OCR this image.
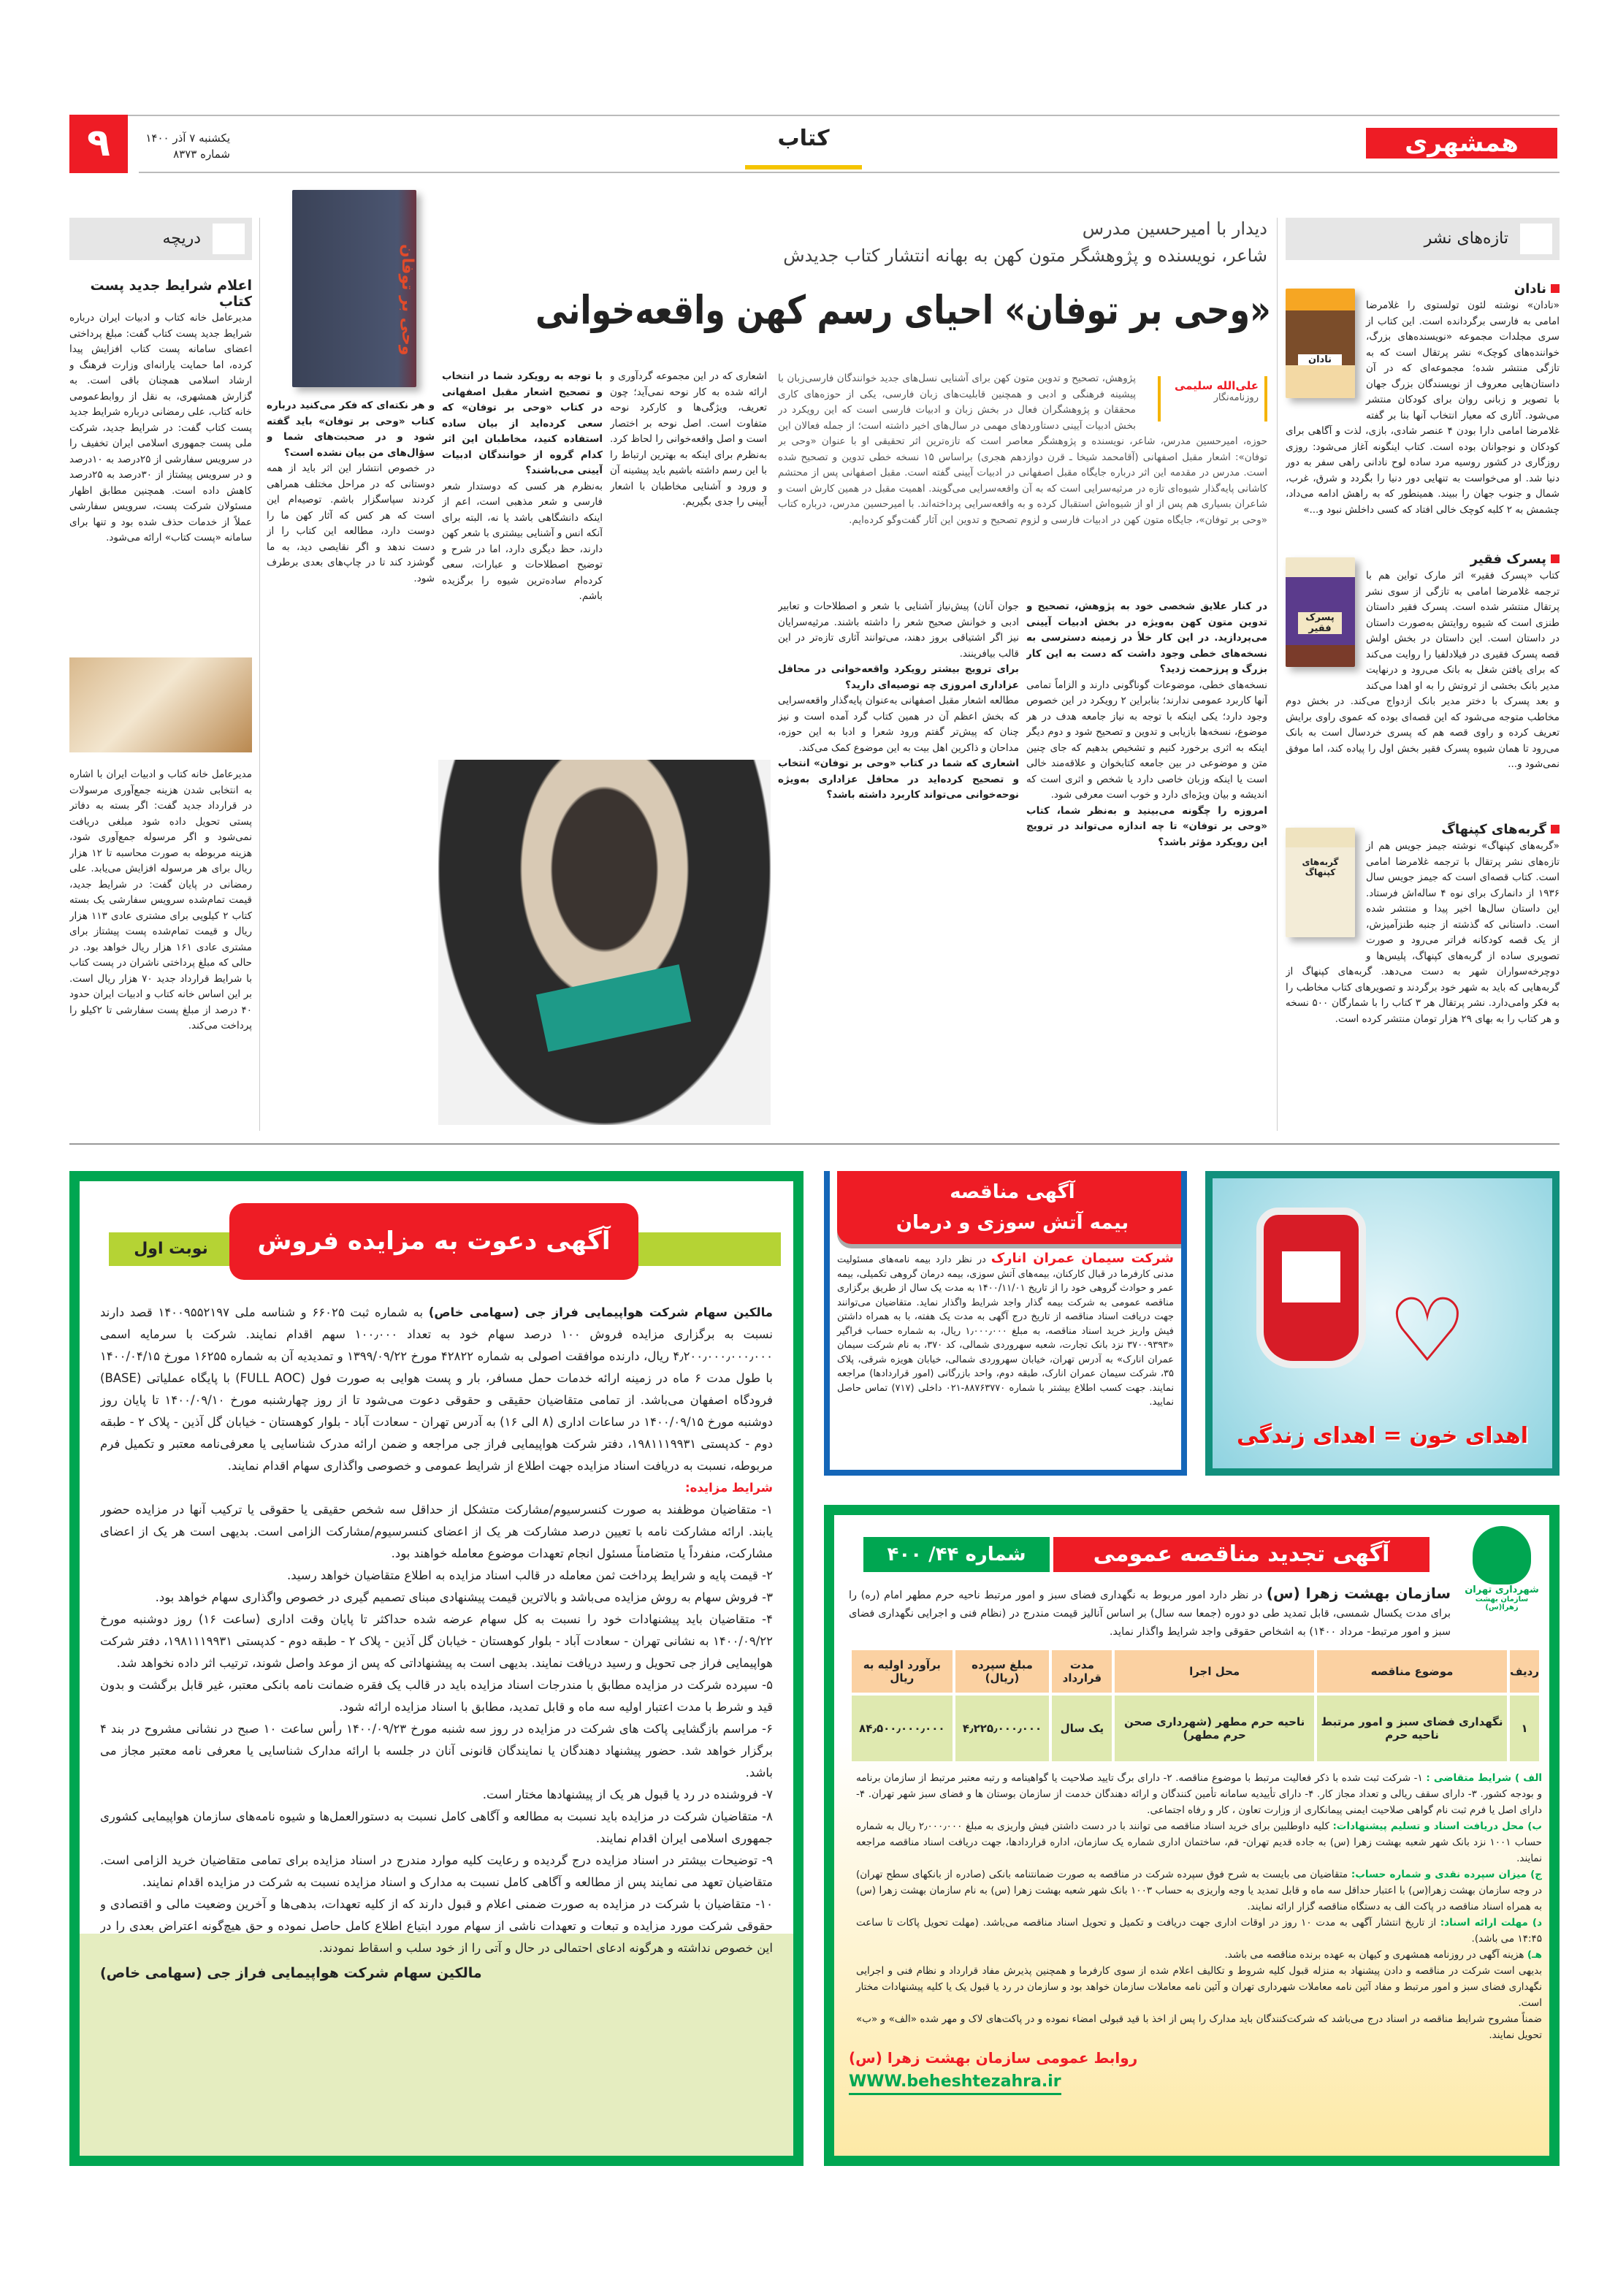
همشهری
کتاب
۹	یکشنبه ۷ آذر ۱۴۰۰
شماره ۸۳۷۳
تازه‌های نشر
نادان
نادان
«نادان» نوشته لئون تولستوی را غلامرضا امامی به فارسی برگردانده است. این کتاب از سری مجلدات مجموعه «نویسنده‌های بزرگ، خواننده‌های کوچک» نشر پرتقال است که به تازگی منتشر شده؛ مجموعه‌ای که در آن داستان‌هایی معروف از نویسندگان بزرگ جهان با تصویر و زبانی روان برای کودکان منتشر می‌شود. آثاری که معیار انتخاب آنها بنا بر گفته غلامرضا امامی دارا بودن ۴ عنصر شادی، بازی، لذت و آگاهی برای کودکان و نوجوانان بوده است. کتاب اینگونه آغاز می‌شود: روزی روزگاری در کشور روسیه مرد ساده لوح نادانی راهی سفر به دور دنیا شد. او می‌خواست به تنهایی دور دنیا را بگردد و شرق، غرب، شمال و جنوب جهان را ببیند. همینطور که به راهش ادامه می‌داد، چشمش به ۲ کلبه کوچک خالی افتاد که کسی داخلش نبود و...»
پسرک فقیر
پسرک فقیر
کتاب «پسرک فقیر» اثر مارک تواین هم با ترجمه غلامرضا امامی به تازگی از سوی نشر پرتقال منتشر شده است. پسرک فقیر داستان طنزی است که شیوه روایتش به‌صورت داستان در داستان است. این داستان در بخش اولش قصه پسرک فقیری در فیلادلفیا را روایت می‌کند که برای یافتن شغل به بانک می‌رود و درنهایت مدیر بانک بخشی از ثروتش را به او اهدا می‌کند و بعد پسرک با دختر مدیر بانک ازدواج می‌کند. در بخش دوم مخاطب متوجه می‌شود که این قصه‌ای بوده که عموی راوی برایش تعریف کرده و راوی قصه هم که پسری خردسال است به بانک می‌رود تا همان شیوه پسرک فقیر بخش اول را پیاده کند، اما موفق نمی‌شود و...
گربه‌های کپنهاگ
گربه‌های کپنهاگ
«گربه‌های کپنهاگ» نوشته جیمز جویس هم از تازه‌های نشر پرتقال با ترجمه غلامرضا امامی است. کتاب قصه‌ای است که جیمز جویس سال ۱۹۳۶ از دانمارک برای نوه ۴ ساله‌اش فرستاد. این داستان سال‌ها اخیر پیدا و منتشر شده است. داستانی که گذشته از جنبه طنزآمیزش، از یک قصه کودکانه فراتر می‌رود و صورت تصویری ساده از گربه‌های کپنهاگ، پلیس‌ها و دوچرخه‌سواران شهر به دست می‌دهد. گربه‌های کپنهاگ از گربه‌هایی که باید به شهر خود برگردند و تصویرهای کتاب مخاطب را به فکر وامی‌دارد. نشر پرتقال هر ۳ کتاب را با شمارگان ۵۰۰ نسخه و هر کتاب را به بهای ۲۹ هزار تومان منتشر کرده است.
دریچه
اعلام شرایط جدید پست کتاب
مدیرعامل خانه کتاب و ادبیات ایران درباره شرایط جدید پست کتاب گفت: مبلغ پرداختی اعضای سامانه پست کتاب افزایش پیدا کرده، اما حمایت یارانه‌ای وزارت فرهنگ و ارشاد اسلامی همچنان باقی است. به گزارش همشهری، به نقل از روابط‌عمومی خانه کتاب، علی رمضانی درباره شرایط جدید پست کتاب گفت: در شرایط جدید، شرکت ملی پست جمهوری اسلامی ایران تخفیف را در سرویس سفارشی از ۲۵درصد به ۱۰درصد و در سرویس پیشتاز از ۳۰درصد به ۲۵درصد کاهش داده است. همچنین مطابق اظهار مسئولان شرکت پست، سرویس سفارشی عملاً از خدمات حذف شده بود و تنها برای سامانه «پست کتاب» ارائه می‌شود.
مدیرعامل خانه کتاب و ادبیات ایران با اشاره به انتخابی شدن هزینه جمع‌آوری مرسولات در قرارداد جدید گفت: اگر بسته به دفاتر پستی تحویل داده شود مبلغی دریافت نمی‌شود و اگر مرسوله جمع‌آوری شود، هزینه مربوطه به صورت محاسبه تا ۱۲ هزار ریال برای هر مرسوله افزایش می‌یابد. علی رمضانی در پایان گفت: در شرایط جدید، قیمت تمام‌شده سرویس سفارشی یک بسته کتاب ۲ کیلویی برای مشتری عادی ۱۱۳ هزار ریال و قیمت تمام‌شده پست پیشتاز برای مشتری عادی ۱۶۱ هزار ریال خواهد بود. در حالی که مبلغ پرداختی ناشران در پست کتاب با شرایط قرارداد جدید ۷۰ هزار ریال است. بر این اساس خانه کتاب و ادبیات ایران حدود ۴۰ درصد از مبلغ پست سفارشی تا ۲کیلو را پرداخت می‌کند.
دیدار با امیرحسین مدرس
شاعر، نویسنده و پژوهشگر متون کهن به بهانه انتشار کتاب جدیدش
«وحی بر توفان» احیای رسم کهن واقعه‌خوانی
وحی بر توفان
علی‌الله سلیمی
روزنامه‌نگار
پژوهش، تصحیح و تدوین متون کهن برای آشنایی نسل‌های جدید خوانندگان فارسی‌زبان با پیشینه فرهنگی و ادبی و همچنین قابلیت‌های زبان فارسی، یکی از حوزه‌های کاری محققان و پژوهشگران فعال در بخش زبان و ادبیات فارسی است که این رویکرد در بخش ادبیات آیینی دستاوردهای مهمی در سال‌های اخیر داشته است؛ از جمله فعالان این حوزه، امیرحسین مدرس، شاعر، نویسنده و پژوهشگر معاصر است که تازه‌ترین اثر تحقیقی او با عنوان «وحی بر توفان»: اشعار مقبل اصفهانی (آقامحمد شیخا ـ قرن دوازدهم هجری) براساس ۱۵ نسخه خطی تدوین و تصحیح شده است. مدرس در مقدمه این اثر درباره جایگاه مقبل اصفهانی در ادبیات آیینی گفته است. مقبل اصفهانی پس از محتشم کاشانی پایه‌گذار شیوه‌ای تازه در مرثیه‌سرایی است که به آن واقعه‌سرایی می‌گویند. اهمیت مقبل در همین کارش است و شاعران بسیاری هم پس از او از شیوه‌اش استقبال کرده و به واقعه‌سرایی پرداخته‌اند. با امیرحسین مدرس، درباره کتاب «وحی بر توفان»، جایگاه متون کهن در ادبیات فارسی و لزوم تصحیح و تدوین این آثار گفت‌وگو کرده‌ایم.

در کنار علایق شخصی خود به پژوهش، تصحیح و تدوین متون کهن به‌ویژه در بخش ادبیات آیینی می‌پردازید. در این کار خلأ در زمینه دسترسی به نسخه‌های خطی وجود داشت که دست به این کار بزرگ و پرزحمت زدید؟

نسخه‌های خطی، موضوعات گوناگونی دارند و الزاماً تمامی آنها کاربرد عمومی ندارند؛ بنابراین ۲ رویکرد در این خصوص وجود دارد؛ یکی اینکه با توجه به نیاز جامعه هدف در هر موضوع، نسخه‌ها بازیابی و تدوین و تصحیح شود و دوم دیگر اینکه به اثری برخورد کنیم و تشخیص بدهیم که جای چنین متن و موضوعی در بین جامعه کتابخوان و علاقه‌مند خالی است یا اینکه وزبان خاصی دارد یا شخص و اثری است که اندیشه و بیان ویژه‌ای دارد و خوب است معرفی شود.

امروزه را چگونه می‌بینید و به‌نظر شما، کتاب «وحی بر توفان» تا چه اندازه می‌تواند در ترویج این رویکرد مؤثر باشد؟

جوان آنان) پیش‌نیاز آشنایی با شعر و اصطلاحات و تعابیر ادبی و خوانش صحیح شعر را داشته باشند. مرثیه‌سرایان نیز اگر اشتیاقی بروز دهند، می‌توانند آثاری تازه‌تر در این قالب بیافرینند.

برای ترویج بیشتر رویکرد واقعه‌خوانی در محافل عزاداری امروزی چه توصیه‌ای دارید؟

مطالعه اشعار مقبل اصفهانی به‌عنوان پایه‌گذار واقعه‌سرایی که بخش اعظم آن در همین کتاب گرد آمده است و نیز چنان که پیش‌تر گفتم ورود شعرا و ادبا به این حوزه، مداحان و ذاکرین اهل بیت به این موضوع کمک می‌کند.

اشعاری که شما در کتاب «وحی بر توفان» انتخاب و تصحیح کرده‌اید در محافل عزاداری به‌ویژه نوحه‌خوانی می‌تواند کاربرد داشته باشد؟

اشعاری که در این مجموعه گردآوری و ارائه شده به کار نوحه نمی‌آید؛ چون تعریف، ویژگی‌ها و کارکرد نوحه متفاوت است. اصل نوحه بر اختصار است و اصل واقعه‌خوانی را لحاظ کرد. به‌نظرم برای اینکه به بهترین ارتباط را با این رسم داشته باشیم باید پیشینه آن و ورود و آشنایی مخاطبان با اشعار آیینی را جدی بگیریم.

با توجه به رویکرد شما در انتخاب و تصحیح اشعار مقبل اصفهانی در کتاب «وحی بر توفان» که سعی کرده‌اید از بیان ساده استفاده کنید، مخاطبان این اثر کدام گروه از خوانندگان ادبیات آیینی می‌باشند؟

به‌نظرم هر کسی که دوستدار شعر فارسی و شعر مذهبی است، اعم از اینکه دانشگاهی باشد یا نه، البته برای آنکه انس و آشنایی بیشتری با شعر کهن دارند، حظ دیگری دارد، اما در شرح و توضیح اصطلاحات و عبارات، سعی کرده‌ام ساده‌ترین شیوه را برگزیده باشم.

و هر نکته‌ای که فکر می‌کنید درباره کتاب «وحی بر توفان» باید گفته شود و در صحبت‌های شما و سؤال‌های من بیان نشده است؟

در خصوص انتشار این اثر باید از همه دوستانی که در مراحل مختلف همراهی کردند سپاسگزار باشم. توصیه‌ام این است که هر کس که آثار کهن ما را دوست دارد، مطالعه این کتاب را از دست ندهد و اگر نقایصی دید، به ما گوشزد کند تا در چاپ‌های بعدی برطرف شود.

نوبت اول	آگهی دعوت به مزایده فروش سهام

مالکین سهام شرکت هواپیمایی فراز جی (سهامی خاص) به شماره ثبت ۶۶۰۲۵ و شناسه ملی ۱۴۰۰۹۵۵۲۱۹۷ قصد دارند نسبت به برگزاری مزایده فروش ۱۰۰ درصد سهام خود به تعداد ۱۰۰٫۰۰۰ سهم اقدام نمایند. شرکت با سرمایه اسمی ۴٫۲۰۰٫۰۰۰٫۰۰۰٫۰۰۰ ریال، دارنده موافقت اصولی به شماره ۴۲۸۲۲ مورخ ۱۳۹۹/۰۹/۲۲ و تمدیدیه آن به شماره ۱۶۲۵۵ مورخ ۱۴۰۰/۰۴/۱۵ با طول مدت ۶ ماه در زمینه ارائه خدمات حمل مسافر، بار و پست هوایی به صورت فول (FULL AOC) با پایگاه عملیاتی (BASE) فرودگاه اصفهان می‌باشد. از تمامی متقاضیان حقیقی و حقوقی دعوت می‌شود تا از روز چهارشنبه مورخ ۱۴۰۰/۰۹/۱۰ تا پایان روز دوشنبه مورخ ۱۴۰۰/۰۹/۱۵ در ساعات اداری (۸ الی ۱۶) به آدرس تهران - سعادت آباد - بلوار کوهستان - خیابان گل آذین - پلاک ۲ - طبقه دوم - کدپستی ۱۹۸۱۱۱۹۹۳۱، دفتر شرکت هواپیمایی فراز جی مراجعه و ضمن ارائه مدرک شناسایی یا معرفی‌نامه معتبر و تکمیل فرم مربوطه، نسبت به دریافت اسناد مزایده جهت اطلاع از شرایط عمومی و خصوصی واگذاری سهام اقدام نمایند.

شرایط مزایده:

۱- متقاضیان موظفند به صورت کنسرسیوم/مشارکت متشکل از حداقل سه شخص حقیقی یا حقوقی یا ترکیب آنها در مزایده حضور یابند. ارائه مشارکت نامه با تعیین درصد مشارکت هر یک از اعضای کنسرسیوم/مشارکت الزامی است. بدیهی است هر یک از اعضای مشارکت، منفرداً یا متضامناً مسئول انجام تعهدات موضوع معامله خواهند بود.

۲- قیمت پایه و شرایط پرداخت ثمن معامله در قالب اسناد مزایده به اطلاع متقاضیان خواهد رسید.

۳- فروش سهام به روش مزایده می‌باشد و بالاترین قیمت پیشنهادی مبنای تصمیم گیری در خصوص واگذاری سهام خواهد بود.

۴- متقاضیان باید پیشنهادات خود را نسبت به کل سهام عرضه شده حداکثر تا پایان وقت اداری (ساعت ۱۶) روز دوشنبه مورخ ۱۴۰۰/۰۹/۲۲ به نشانی تهران - سعادت آباد - بلوار کوهستان - خیابان گل آذین - پلاک ۲ - طبقه دوم - کدپستی ۱۹۸۱۱۱۹۹۳۱، دفتر شرکت هواپیمایی فراز جی تحویل و رسید دریافت نمایند. بدیهی است به پیشنهاداتی که پس از موعد واصل شوند، ترتیب اثر داده نخواهد شد.

۵- سپرده شرکت در مزایده مطابق با مندرجات اسناد مزایده باید در قالب یک فقره ضمانت نامه بانکی معتبر، غیر قابل برگشت و بدون قید و شرط با مدت اعتبار اولیه سه ماه و قابل تمدید، مطابق با اسناد مزایده ارائه شود.

۶- مراسم بازگشایی پاکت های شرکت در مزایده در روز سه شنبه مورخ ۱۴۰۰/۰۹/۲۳ رأس ساعت ۱۰ صبح در نشانی مشروح در بند ۴ برگزار خواهد شد. حضور پیشنهاد دهندگان یا نمایندگان قانونی آنان در جلسه با ارائه مدارک شناسایی یا معرفی نامه معتبر مجاز می باشد.

۷- فروشنده در رد یا قبول هر یک از پیشنهادها مختار است.

۸- متقاضیان شرکت در مزایده باید نسبت به مطالعه و آگاهی کامل نسبت به دستورالعمل‌ها و شیوه نامه‌های سازمان هواپیمایی کشوری جمهوری اسلامی ایران اقدام نمایند.

۹- توضیحات بیشتر در اسناد مزایده درج گردیده و رعایت کلیه موارد مندرج در اسناد مزایده برای تمامی متقاضیان خرید الزامی است. متقاضیان تعهد می نمایند پس از مطالعه و آگاهی کامل نسبت به مدارک و اسناد مزایده نسبت به شرکت در مزایده اقدام نمایند.

۱۰- متقاضیان با شرکت در مزایده به صورت ضمنی اعلام و قبول دارند که از کلیه تعهدات، بدهی‌ها و آخرین وضعیت مالی و اقتصادی و حقوقی شرکت مورد مزایده و تبعات و تعهدات ناشی از سهام مورد ابتیاع اطلاع کامل حاصل نموده و حق هیچ‌گونه اعتراض بعدی را در این خصوص نداشته و هرگونه ادعای احتمالی در حال و آتی را از خود سلب و اسقاط نمودند.

مالکین سهام شرکت هواپیمایی فراز جی (سهامی خاص)

آگهی مناقصه
بیمه آتش سوزی و درمان
شرکت سیمان عمران انارک در نظر دارد بیمه نامه‌های مسئولیت مدنی کارفرما در قبال کارکنان، بیمه‌های آتش سوزی، بیمه درمان گروهی تکمیلی، بیمه عمر و حوادث گروهی خود را از تاریخ ۱۴۰۰/۱۱/۰۱ به مدت یک سال از طریق برگزاری مناقصه عمومی به شرکت بیمه گذار واجد شرایط واگذار نماید. متقاضیان می‌توانند جهت دریافت اسناد مناقصه از تاریخ درج آگهی به مدت یک هفته، با به همراه داشتن فیش واریز خرید اسناد مناقصه، به مبلغ ۱٫۰۰۰٫۰۰۰ ریال، به شماره حساب فراگیر «۳۷۰۰۹۳۹۳ نزد بانک تجارت، شعبه سهروردی شمالی، کد ۳۷۰، به نام شرکت سیمان عمران انارک» به آدرس تهران، خیابان سهروردی شمالی، خیابان هویزه شرقی، پلاک ۳۵، شرکت سیمان عمران انارک، طبقه دوم، واحد بازرگانی (امور قراردادها) مراجعه نمایند. جهت کسب اطلاع بیشتر با شماره ۸۸۷۶۳۷۷۰-۰۲۱ داخلی (۷۱۷) تماس حاصل نمایید.
♡
اهدای خون = اهدای زندگی
شهرداری تهران
سازمان بهشت زهرا(س)
آگهی تجدید مناقصه عمومی
شماره ۴۴/ ۴۰۰
سازمان بهشت زهرا (س) در نظر دارد امور مربوط به نگهداری فضای سبز و امور مرتبط ناحیه حرم مطهر امام (ره) را برای مدت یکسال شمسی، قابل تمدید طی دو دوره (جمعا سه سال) بر اساس آنالیز قیمت مندرج در (نظام فنی و اجرایی نگهداری فضای سبز و امور مرتبط- مرداد ۱۴۰۰) به اشخاص حقوقی واجد شرایط واگذار نماید.
ردیف	موضوع مناقصه	محل اجرا	مدت قرارداد	مبلغ سپرده (ریال)	برآورد اولیه به ریال
۱	نگهداری فضای سبز و امور مرتبط ناحیه حرم	ناحیه حرم مطهر (شهرداری صحن حرم مطهر)	یک سال	۴٫۲۲۵٫۰۰۰٫۰۰۰	۸۴٫۵۰۰٫۰۰۰٫۰۰۰

الف ) شرایط متقاضی : ۱- شرکت ثبت شده با ذکر فعالیت مرتبط با موضوع مناقصه. ۲- دارای برگ تایید صلاحیت یا گواهینامه و رتبه معتبر مرتبط از سازمان برنامه و بودجه کشور. ۳- دارای سقف ریالی و تعداد مجاز کار. ۴- دارای تأییدیه سامانه تأمین کنندگان و ارائه دهندگان خدمت از سازمان بوستان ها و فضای سبز شهر تهران. ۴- دارای اصل یا فرم ثبت نام گواهی صلاحیت ایمنی پیمانکاری از وزارت تعاون ، کار و رفاه اجتماعی.

ب) محل دریافت اسناد و تسلیم پیشنهادات: کلیه داوطلبین برای خرید اسناد مناقصه می توانند با در دست داشتن فیش واریزی به مبلغ ۲٫۰۰۰٫۰۰۰ ریال به شماره حساب ۱۰۰۱ نزد بانک شهر شعبه بهشت زهرا (س) به جاده قدیم تهران- قم، ساختمان اداری شماره یک سازمان، اداره قراردادها، جهت دریافت اسناد مناقصه مراجعه نمایند.

ج) میزان سپرده نقدی و شماره حساب: متقاضیان می بایست به شرح فوق سپرده شرکت در مناقصه به صورت ضمانتنامه بانکی (صادره از بانکهای سطح تهران) در وجه سازمان بهشت زهرا(س) با اعتبار حداقل سه ماه و قابل تمدید یا وجه واریزی به حساب ۱۰۰۳ بانک شهر شعبه بهشت زهرا (س) به نام سازمان بهشت زهرا (س) به همراه اسناد مناقصه در پاکت الف به دستگاه مناقصه گزار ارائه نمایند.

د) مهلت ارائه اسناد: از تاریخ انتشار آگهی به مدت ۱۰ روز در اوقات اداری جهت دریافت و تکمیل و تحویل اسناد مناقصه می‌باشد. (مهلت تحویل پاکات تا ساعت ۱۴:۴۵ می باشد).

هـ) هزینه آگهی در روزنامه همشهری و کیهان به عهده برنده مناقصه می باشد.

بدیهی است شرکت در مناقصه و دادن پیشنهاد به منزله قبول کلیه شروط و تکالیف اعلام شده از سوی کارفرما و همچنین پذیرش مفاد قرارداد و نظام فنی و اجرایی نگهداری فضای سبز و امور مرتبط و مفاد آئین نامه معاملات شهرداری تهران و آئین نامه معاملات سازمان خواهد بود و سازمان در رد یا قبول یک یا کلیه پیشنهادات مختار است.

ضمناً مشروح شرایط مناقصه در اسناد درج می‌باشد که شرکت‌کنندگان باید مدارک را پس از اخذ با قید قبولی امضاء نموده و در پاکت‌های لاک و مهر شده «الف» و «ب» تحویل نمایند.

روابط عمومی سازمان بهشت زهرا (س)
WWW.beheshtezahra.ir
